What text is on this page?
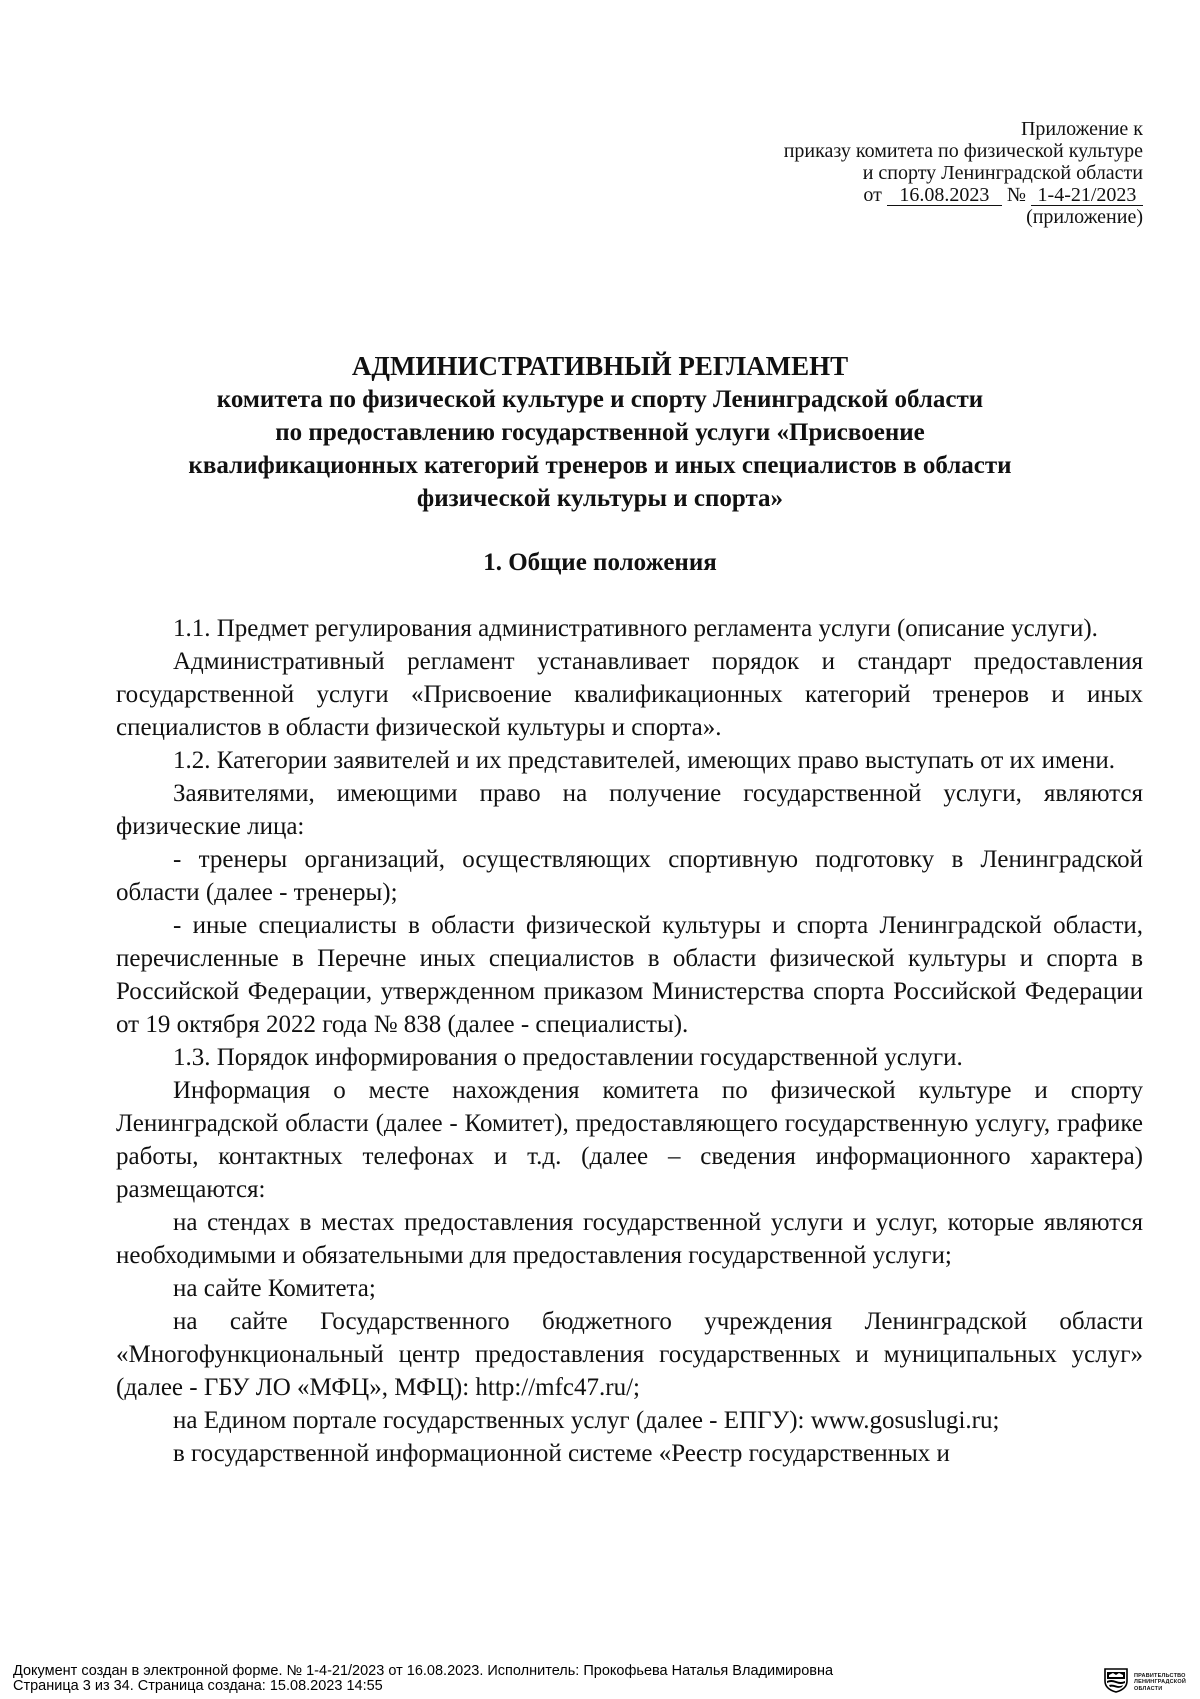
Приложение к
приказу комитета по физической культуре
и спорту Ленинградской области
от 16.08.2023 № 1-4-21/2023
(приложение)
АДМИНИСТРАТИВНЫЙ РЕГЛАМЕНТ
комитета по физической культуре и спорту Ленинградской области
по предоставлению государственной услуги «Присвоение
квалификационных категорий тренеров и иных специалистов в области
физической культуры и спорта»
1. Общие положения

1.1. Предмет регулирования административного регламента услуги (описание услуги).

Административный регламент устанавливает порядок и стандарт предоставления государственной услуги «Присвоение квалификационных категорий тренеров и иных специалистов в области физической культуры и спорта».

1.2. Категории заявителей и их представителей, имеющих право выступать от их имени.

Заявителями, имеющими право на получение государственной услуги, являются физические лица:

- тренеры организаций, осуществляющих спортивную подготовку в Ленинградской области (далее - тренеры);

- иные специалисты в области физической культуры и спорта Ленинградской области, перечисленные в Перечне иных специалистов в области физической культуры и спорта в Российской Федерации, утвержденном приказом Министерства спорта Российской Федерации от 19 октября 2022 года № 838 (далее - специалисты).

1.3. Порядок информирования о предоставлении государственной услуги.

Информация о месте нахождения комитета по физической культуре и спорту Ленинградской области (далее - Комитет), предоставляющего государственную услугу, графике работы, контактных телефонах и т.д. (далее – сведения информационного характера) размещаются:

на стендах в местах предоставления государственной услуги и услуг, которые являются необходимыми и обязательными для предоставления государственной услуги;

на сайте Комитета;

на сайте Государственного бюджетного учреждения Ленинградской области «Многофункциональный центр предоставления государственных и муниципальных услуг» (далее - ГБУ ЛО «МФЦ», МФЦ): http://mfc47.ru/;

на Едином портале государственных услуг (далее - ЕПГУ): www.gosuslugi.ru;

в государственной информационной системе «Реестр государственных и

Документ создан в электронной форме. № 1-4-21/2023 от 16.08.2023. Исполнитель: Прокофьева Наталья Владимировна
Страница 3 из 34. Страница создана: 15.08.2023 14:55
ПРАВИТЕЛЬСТВО
ЛЕНИНГРАДСКОЙ
ОБЛАСТИ
